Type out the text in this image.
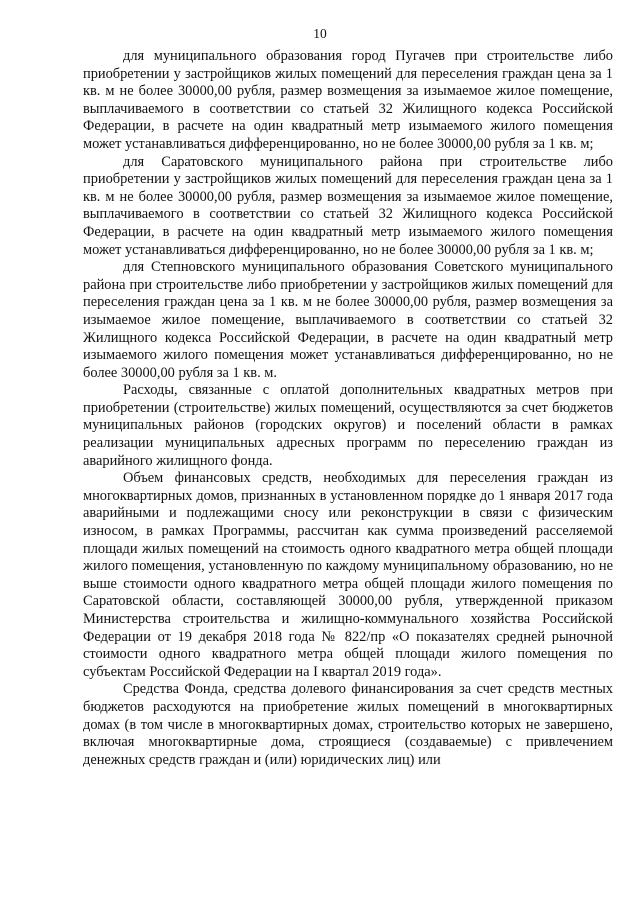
10

для муниципального образования город Пугачев при строительстве либо приобретении у застройщиков жилых помещений для переселения граждан цена за 1 кв. м не более 30000,00 рубля, размер возмещения за изымаемое жилое помещение, выплачиваемого в соответствии со статьей 32 Жилищного кодекса Российской Федерации, в расчете на один квадратный метр изымаемого жилого помещения может устанавливаться дифференцированно, но не более 30000,00 рубля за 1 кв. м;

для Саратовского муниципального района при строительстве либо приобретении у застройщиков жилых помещений для переселения граждан цена за 1 кв. м не более 30000,00 рубля, размер возмещения за изымаемое жилое помещение, выплачиваемого в соответствии со статьей 32 Жилищного кодекса Российской Федерации, в расчете на один квадратный метр изымаемого жилого помещения может устанавливаться дифференцированно, но не более 30000,00 рубля за 1 кв. м;

для Степновского муниципального образования Советского муниципального района при строительстве либо приобретении у застройщиков жилых помещений для переселения граждан цена за 1 кв. м не более 30000,00 рубля, размер возмещения за изымаемое жилое помещение, выплачиваемого в соответствии со статьей 32 Жилищного кодекса Российской Федерации, в расчете на один квадратный метр изымаемого жилого помещения может устанавливаться дифференцированно, но не более 30000,00 рубля за 1 кв. м.

Расходы, связанные с оплатой дополнительных квадратных метров при приобретении (строительстве) жилых помещений, осуществляются за счет бюджетов муниципальных районов (городских округов) и поселений области в рамках реализации муниципальных адресных программ по переселению граждан из аварийного жилищного фонда.

Объем финансовых средств, необходимых для переселения граждан из многоквартирных домов, признанных в установленном порядке до 1 января 2017 года аварийными и подлежащими сносу или реконструкции в связи с физическим износом, в рамках Программы, рассчитан как сумма произведений расселяемой площади жилых помещений на стоимость одного квадратного метра общей площади жилого помещения, установленную по каждому муниципальному образованию, но не выше стоимости одного квадратного метра общей площади жилого помещения по Саратовской области, составляющей 30000,00 рубля, утвержденной приказом Министерства строительства и жилищно-коммунального хозяйства Российской Федерации от 19 декабря 2018 года № 822/пр «О показателях средней рыночной стоимости одного квадратного метра общей площади жилого помещения по субъектам Российской Федерации на I квартал 2019 года».

Средства Фонда, средства долевого финансирования за счет средств местных бюджетов расходуются на приобретение жилых помещений в многоквартирных домах (в том числе в многоквартирных домах, строительство которых не завершено, включая многоквартирные дома, строящиеся (создаваемые) с привлечением денежных средств граждан и (или) юридических лиц) или
